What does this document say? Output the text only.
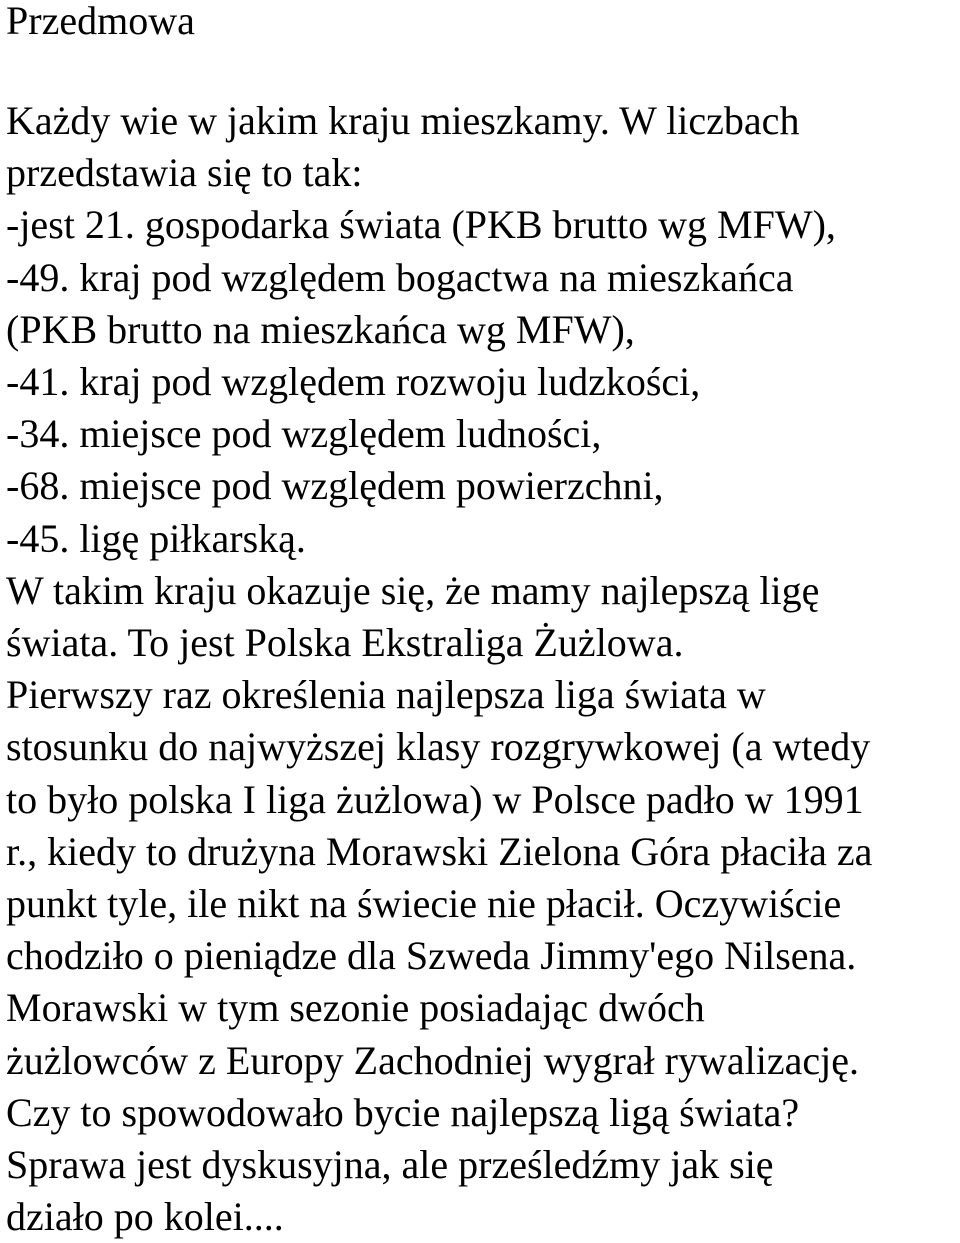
Przedmowa
Każdy wie w jakim kraju mieszkamy. W liczbach
przedstawia się to tak:
-jest 21. gospodarka świata (PKB brutto wg MFW),
-49. kraj pod względem bogactwa na mieszkańca
(PKB brutto na mieszkańca wg MFW),
-41. kraj pod względem rozwoju ludzkości,
-34. miejsce pod względem ludności,
-68. miejsce pod względem powierzchni,
-45. ligę piłkarską.
W takim kraju okazuje się, że mamy najlepszą ligę
świata. To jest Polska Ekstraliga Żużlowa.
Pierwszy raz określenia najlepsza liga świata w
stosunku do najwyższej klasy rozgrywkowej (a wtedy
to było polska I liga żużlowa) w Polsce padło w 1991
r., kiedy to drużyna Morawski Zielona Góra płaciła za
punkt tyle, ile nikt na świecie nie płacił. Oczywiście
chodziło o pieniądze dla Szweda Jimmy'ego Nilsena.
Morawski w tym sezonie posiadając dwóch
żużlowców z Europy Zachodniej wygrał rywalizację.
Czy to spowodowało bycie najlepszą ligą świata?
Sprawa jest dyskusyjna, ale prześledźmy jak się
działo po kolei....
